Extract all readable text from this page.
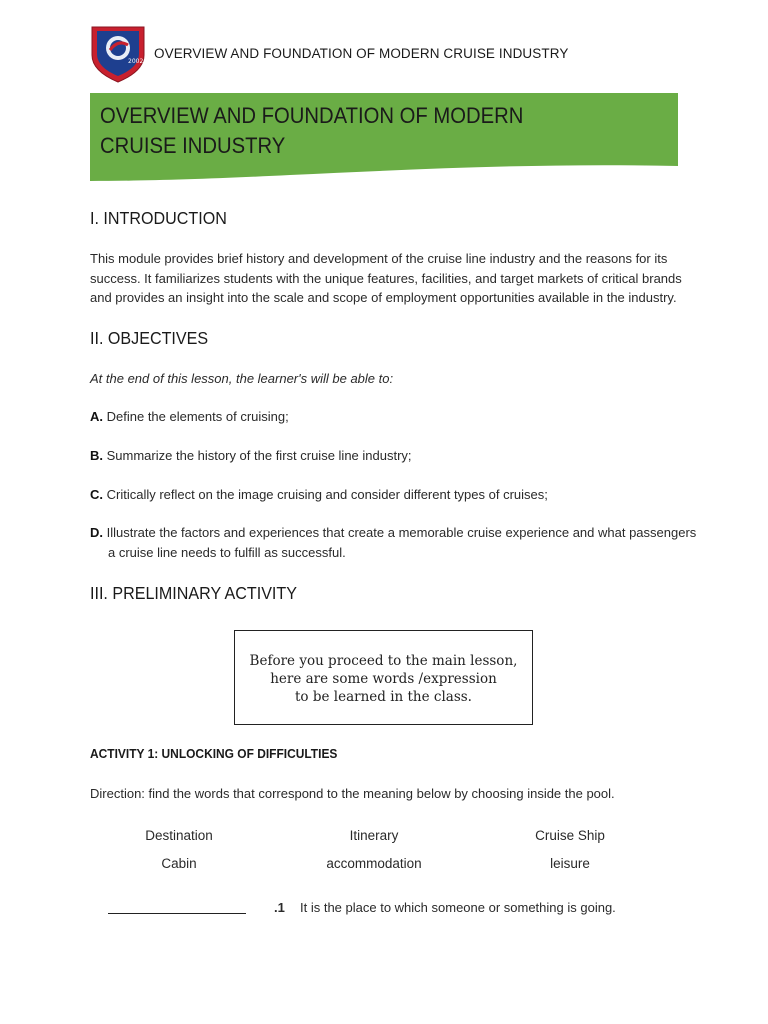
2002
OVERVIEW AND FOUNDATION OF MODERN CRUISE INDUSTRY
OVERVIEW AND FOUNDATION OF MODERN
CRUISE INDUSTRY
I. INTRODUCTION
This module provides brief history and development of the cruise line industry and the reasons for its
success. It familiarizes students with the unique features, facilities, and target markets of critical brands
and provides an insight into the scale and scope of employment opportunities available in the industry.
II. OBJECTIVES
At the end of this lesson, the learner's will be able to:
A. Define the elements of cruising;
B. Summarize the history of the first cruise line industry;
C. Critically reflect on the image cruising and consider different types of cruises;
D. Illustrate the factors and experiences that create a memorable cruise experience and what passengers
a cruise line needs to fulfill as successful.
III. PRELIMINARY ACTIVITY
Before you proceed to the main lesson,
here are some words /expression
to be learned in the class.
ACTIVITY 1: UNLOCKING OF DIFFICULTIES
Direction: find the words that correspond to the meaning below by choosing inside the pool.
Destination	Itinerary	Cruise Ship
Cabin	accommodation	leisure
.1 It is the place to which someone or something is going.
